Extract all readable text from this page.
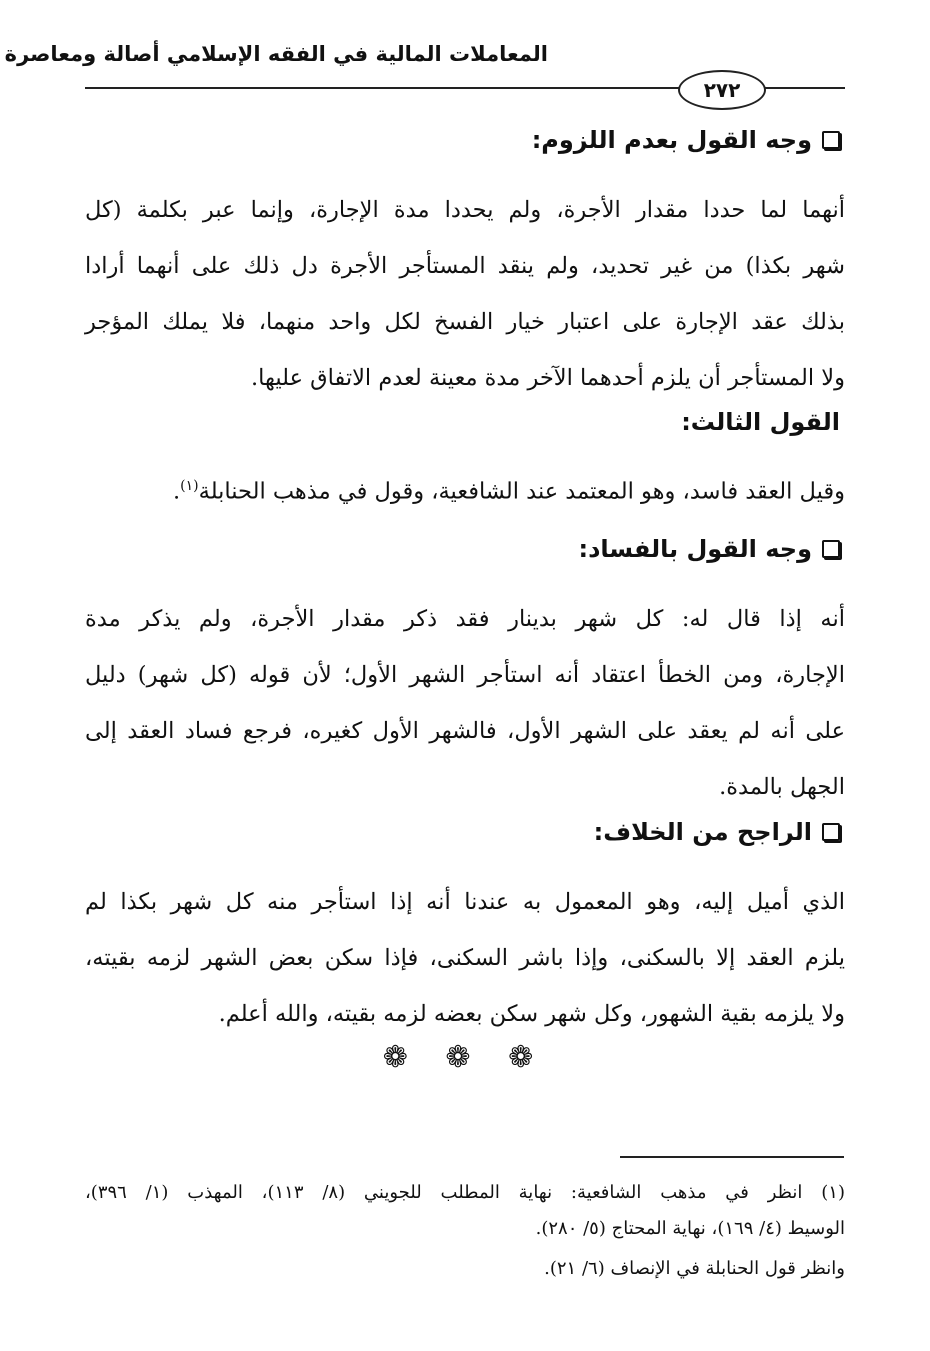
المعاملات المالية في الفقه الإسلامي أصالة ومعاصرة
٢٧٢
وجه القول بعدم اللزوم:
أنهما لما حددا مقدار الأجرة، ولم يحددا مدة الإجارة، وإنما عبر بكلمة (كل
شهر بكذا) من غير تحديد، ولم ينقد المستأجر الأجرة دل ذلك على أنهما أرادا
بذلك عقد الإجارة على اعتبار خيار الفسخ لكل واحد منهما، فلا يملك المؤجر
ولا المستأجر أن يلزم أحدهما الآخر مدة معينة لعدم الاتفاق عليها.
القول الثالث:
وقيل العقد فاسد، وهو المعتمد عند الشافعية، وقول في مذهب الحنابلة$^{(١)}$.
وجه القول بالفساد:
أنه إذا قال له: كل شهر بدينار فقد ذكر مقدار الأجرة، ولم يذكر مدة
الإجارة، ومن الخطأ اعتقاد أنه استأجر الشهر الأول؛ لأن قوله (كل شهر) دليل
على أنه لم يعقد على الشهر الأول، فالشهر الأول كغيره، فرجع فساد العقد إلى
الجهل بالمدة.
الراجح من الخلاف:
الذي أميل إليه، وهو المعمول به عندنا أنه إذا استأجر منه كل شهر بكذا لم
يلزم العقد إلا بالسكنى، وإذا باشر السكنى، فإذا سكن بعض الشهر لزمه بقيته،
ولا يلزمه بقية الشهور، وكل شهر سكن بعضه لزمه بقيته، والله أعلم.
❁ ❁ ❁
(١) انظر في مذهب الشافعية: نهاية المطلب للجويني (٨/ ١١٣)، المهذب (١/ ٣٩٦)،
الوسيط (٤/ ١٦٩)، نهاية المحتاج (٥/ ٢٨٠).
وانظر قول الحنابلة في الإنصاف (٦/ ٢١).
